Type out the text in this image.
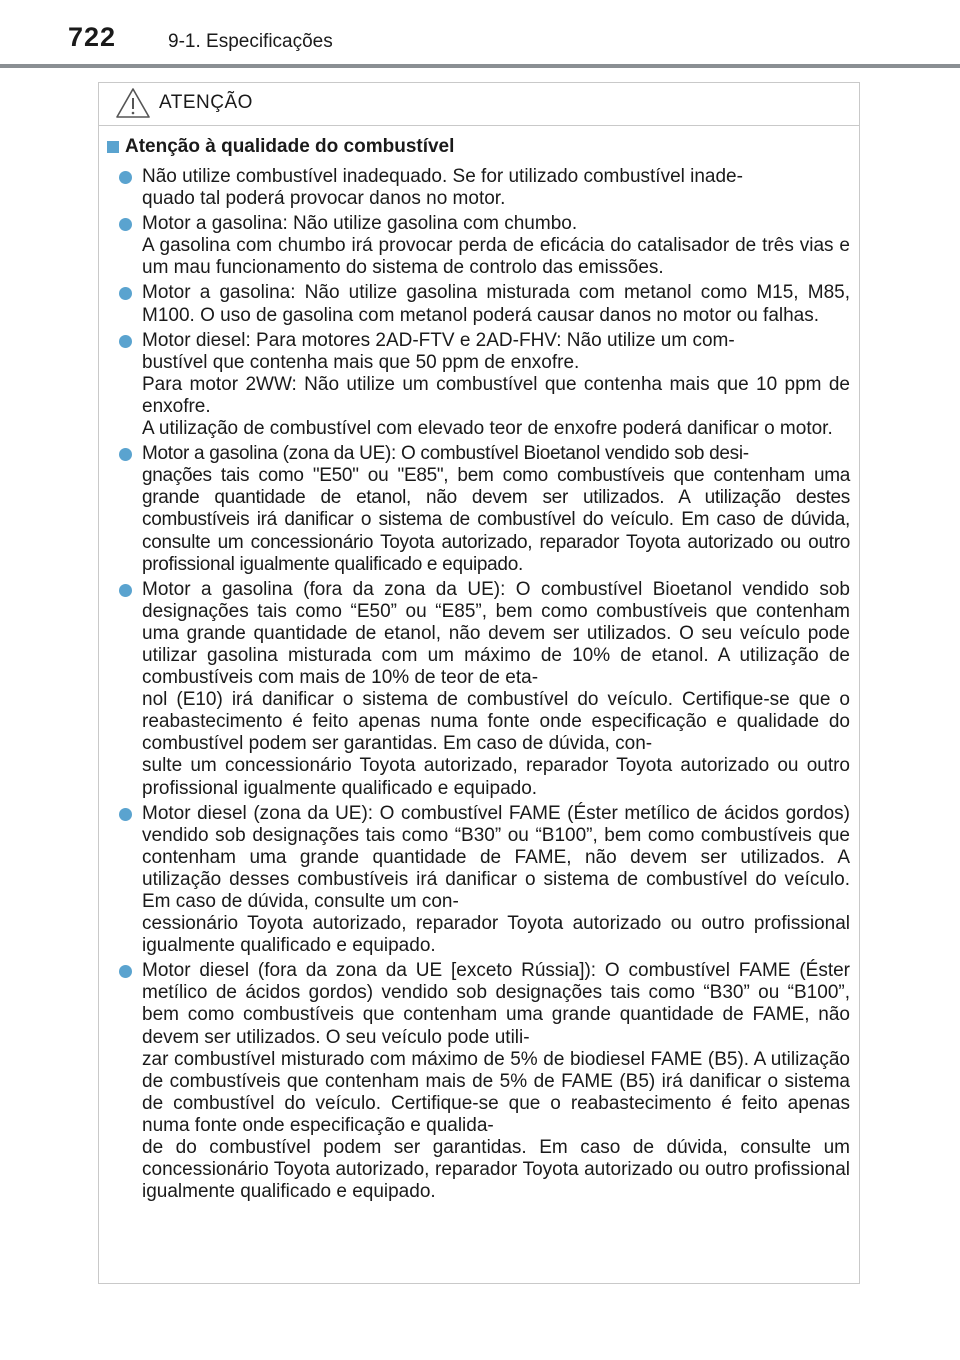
722	9-1. Especificações
ATENÇÃO
Atenção à qualidade do combustível
Não utilize combustível inadequado. Se for utilizado combustível inade-
quado tal poderá provocar danos no motor.
Motor a gasolina: Não utilize gasolina com chumbo.
A gasolina com chumbo irá provocar perda de eficácia do catalisador de três vias e um mau funcionamento do sistema de controlo das emissões.
Motor a gasolina: Não utilize gasolina misturada com metanol como M15, M85, M100. O uso de gasolina com metanol poderá causar danos no motor ou falhas.
Motor diesel: Para motores 2AD-FTV e 2AD-FHV: Não utilize um com-
bustível que contenha mais que 50 ppm de enxofre.
Para motor 2WW: Não utilize um combustível que contenha mais que 10 ppm de enxofre.
A utilização de combustível com elevado teor de enxofre poderá danificar o motor.
Motor a gasolina (zona da UE): O combustível Bioetanol vendido sob desi-
gnações tais como "E50" ou "E85", bem como combustíveis que contenham uma grande quantidade de etanol, não devem ser utilizados. A utilização destes combustíveis irá danificar o sistema de combustível do veículo. Em caso de dúvida, consulte um concessionário Toyota autorizado, reparador Toyota autorizado ou outro profissional igualmente qualificado e equipado.
Motor a gasolina (fora da zona da UE): O combustível Bioetanol vendido sob designações tais como “E50” ou “E85”, bem como combustíveis que contenham uma grande quantidade de etanol, não devem ser utilizados. O seu veículo pode utilizar gasolina misturada com um máximo de 10% de etanol. A utilização de combustíveis com mais de 10% de teor de eta-
nol (E10) irá danificar o sistema de combustível do veículo. Certifique-se que o reabastecimento é feito apenas numa fonte onde especificação e qualidade do combustível podem ser garantidas. Em caso de dúvida, con-
sulte um concessionário Toyota autorizado, reparador Toyota autorizado ou outro profissional igualmente qualificado e equipado.
Motor diesel (zona da UE): O combustível FAME (Éster metílico de ácidos gordos) vendido sob designações tais como “B30” ou “B100”, bem como combustíveis que contenham uma grande quantidade de FAME, não devem ser utilizados. A utilização desses combustíveis irá danificar o sistema de combustível do veículo. Em caso de dúvida, consulte um con-
cessionário Toyota autorizado, reparador Toyota autorizado ou outro profissional igualmente qualificado e equipado.
Motor diesel (fora da zona da UE [exceto Rússia]): O combustível FAME (Éster metílico de ácidos gordos) vendido sob designações tais como “B30” ou “B100”, bem como combustíveis que contenham uma grande quantidade de FAME, não devem ser utilizados. O seu veículo pode utili-
zar combustível misturado com máximo de 5% de biodiesel FAME (B5). A utilização de combustíveis que contenham mais de 5% de FAME (B5) irá danificar o sistema de combustível do veículo. Certifique-se que o reabastecimento é feito apenas numa fonte onde especificação e qualida-
de do combustível podem ser garantidas. Em caso de dúvida, consulte um concessionário Toyota autorizado, reparador Toyota autorizado ou outro profissional igualmente qualificado e equipado.
